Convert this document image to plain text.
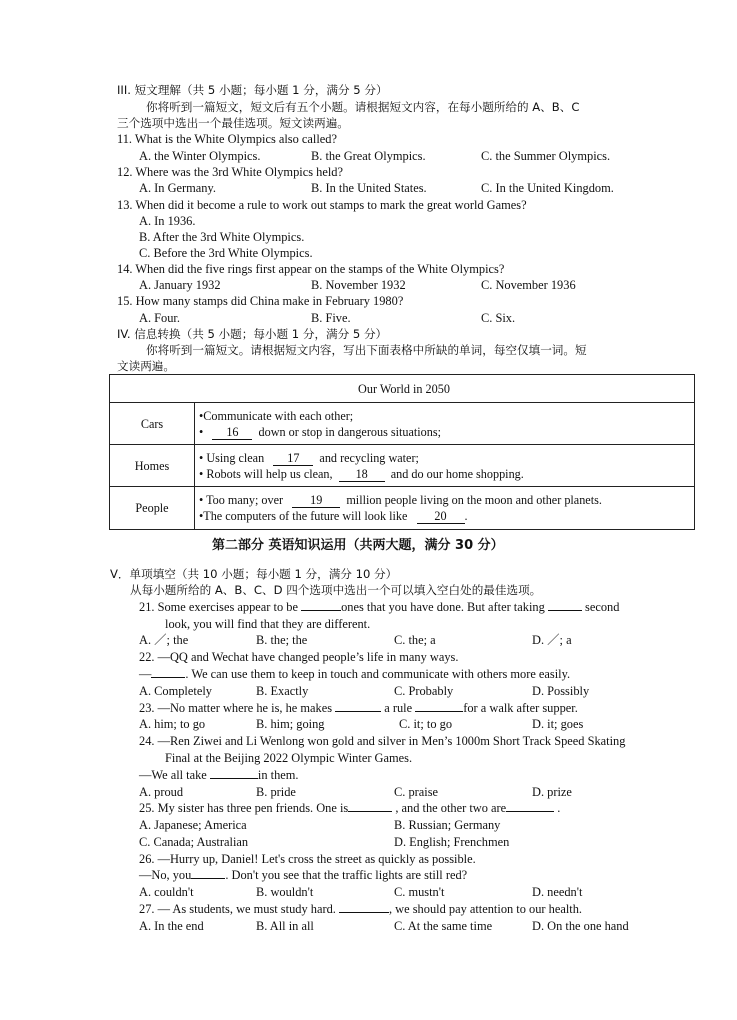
III. 短文理解（共 5 小题；每小题 1 分，满分 5 分）
你将听到一篇短文，短文后有五个小题。请根据短文内容，在每小题所给的 A、B、C
三个选项中选出一个最佳选项。短文读两遍。
11. What is the White Olympics also called?
A. the Winter Olympics.	B. the Great Olympics.	C. the Summer Olympics.
12. Where was the 3rd White Olympics held?
A. In Germany.	B. In the United States.	C. In the United Kingdom.
13. When did it become a rule to work out stamps to mark the great world Games?
A. In 1936.
B. After the 3rd White Olympics.
C. Before the 3rd White Olympics.
14. When did the five rings first appear on the stamps of the White Olympics?
A. January 1932	B. November 1932	C. November 1936
15. How many stamps did China make in February 1980?
A. Four.	B. Five.	C. Six.
IV. 信息转换（共 5 小题；每小题 1 分，满分 5 分）
你将听到一篇短文。请根据短文内容，写出下面表格中所缺的单词，每空仅填一词。短
文读两遍。
Our World in 2050	
Cars	•Communicate with each other;
• 16 down or stop in dangerous situations;

Homes	• Using clean 17 and recycling water;
• Robots will help us clean, 18 and do our home shopping.

People	• Too many; over 19 million people living on the moon and other planets.
•The computers of the future will look like 20 .
第二部分 英语知识运用（共两大题，满分 30 分）
V．单项填空（共 10 小题；每小题 1 分，满分 10 分）
从每小题所给的 A、B、C、D 四个选项中选出一个可以填入空白处的最佳选项。
21. Some exercises appear to be	ones that you have done. But after taking	second
look, you will find that they are different.
A. ／; the	B. the; the	C. the; a	D. ／; a
22. —QQ and Wechat have changed people’s life in many ways.
—	. We can use them to keep in touch and communicate with others more easily.
A. Completely	B. Exactly	C. Probably	D. Possibly
23. —No matter where he is, he makes	a rule	for a walk after supper.
A. him; to go	B. him; going	C. it; to go	D. it; goes
24. —Ren Ziwei and Li Wenlong won gold and silver in Men’s 1000m Short Track Speed Skating
Final at the Beijing 2022 Olympic Winter Games.
—We all take	in them.
A. proud	B. pride	C. praise	D. prize
25. My sister has three pen friends. One is	, and the other two are	.
A. Japanese; America	B. Russian; Germany
C. Canada; Australian	D. English; Frenchmen
26. —Hurry up, Daniel! Let's cross the street as quickly as possible.
—No, you	. Don't you see that the traffic lights are still red?
A. couldn't	B. wouldn't	C. mustn't	D. needn't
27. — As students, we must study hard.	, we should pay attention to our health.
A. In the end	B. All in all	C. At the same time	D. On the one hand
